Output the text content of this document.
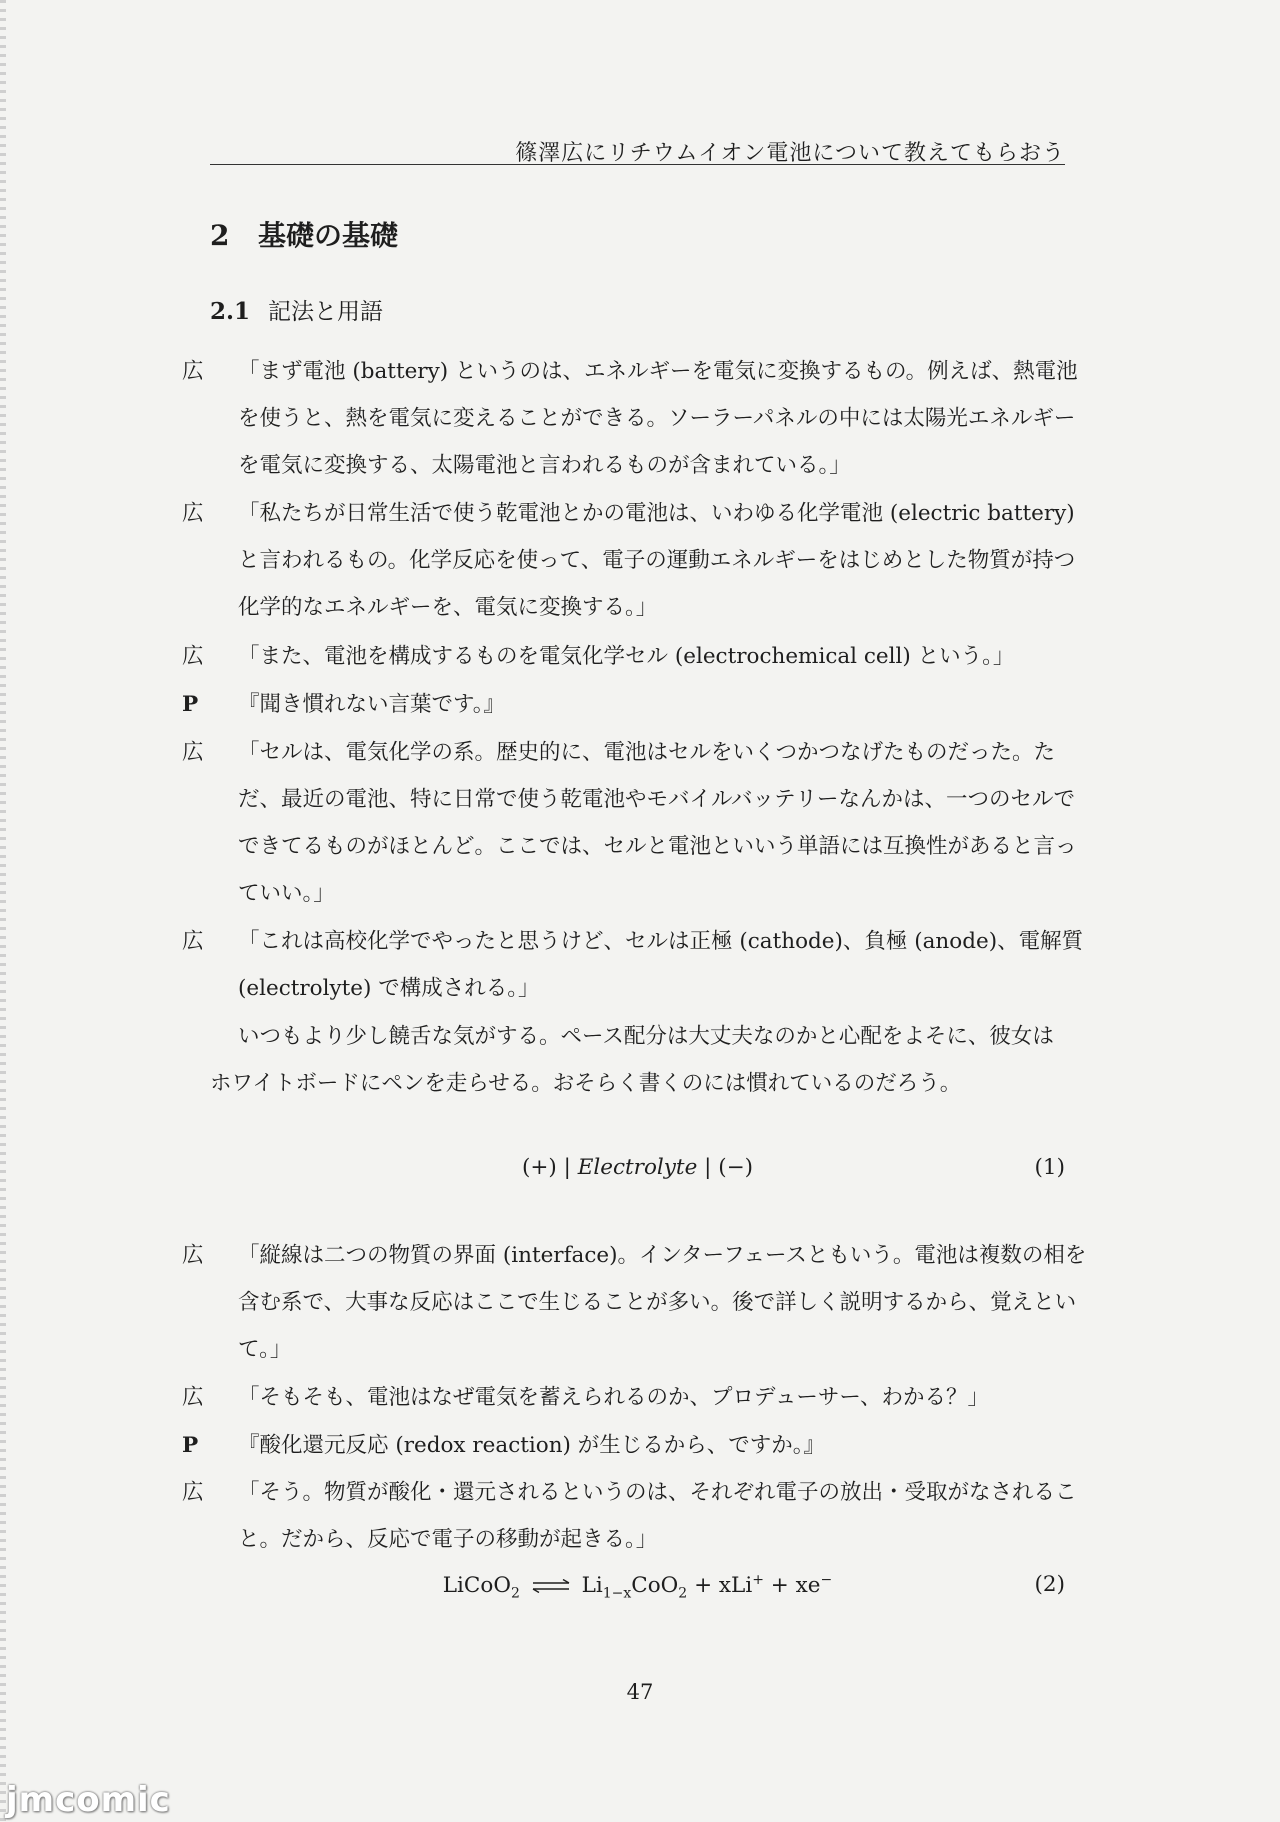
篠澤広にリチウムイオン電池について教えてもらおう
2 基礎の基礎
2.1 記法と用語
広 「まず電池 (battery) というのは、エネルギーを電気に変換するもの。例えば、熱電池を使うと、熱を電気に変えることができる。ソーラーパネルの中には太陽光エネルギーを電気に変換する、太陽電池と言われるものが含まれている。」
広 「私たちが日常生活で使う乾電池とかの電池は、いわゆる化学電池 (electric battery) と言われるもの。化学反応を使って、電子の運動エネルギーをはじめとした物質が持つ化学的なエネルギーを、電気に変換する。」
広 「また、電池を構成するものを電気化学セル (electrochemical cell) という。」
P 『聞き慣れない言葉です。』
広 「セルは、電気化学の系。歴史的に、電池はセルをいくつかつなげたものだった。ただ、最近の電池、特に日常で使う乾電池やモバイルバッテリーなんかは、一つのセルでできてるものがほとんど。ここでは、セルと電池といいう単語には互換性があると言っていい。」
広 「これは高校化学でやったと思うけど、セルは正極 (cathode)、負極 (anode)、電解質 (electrolyte) で構成される。」
いつもより少し饒舌な気がする。ペース配分は大丈夫なのかと心配をよそに、彼女はホワイトボードにペンを走らせる。おそらく書くのには慣れているのだろう。
(+) | Electrolyte | (−)	(1)
広 「縦線は二つの物質の界面 (interface)。インターフェースともいう。電池は複数の相を含む系で、大事な反応はここで生じることが多い。後で詳しく説明するから、覚えといて。」
広 「そもそも、電池はなぜ電気を蓄えられるのか、プロデューサー、わかる？」
P 『酸化還元反応 (redox reaction) が生じるから、ですか。』
広 「そう。物質が酸化・還元されるというのは、それぞれ電子の放出・受取がなされること。だから、反応で電子の移動が起きる。」
LiCoO$_2$ ⇌ $Li_{1-x}CoO_2 + xLi^+ + xe^-$	(2)
47
jmcomic
